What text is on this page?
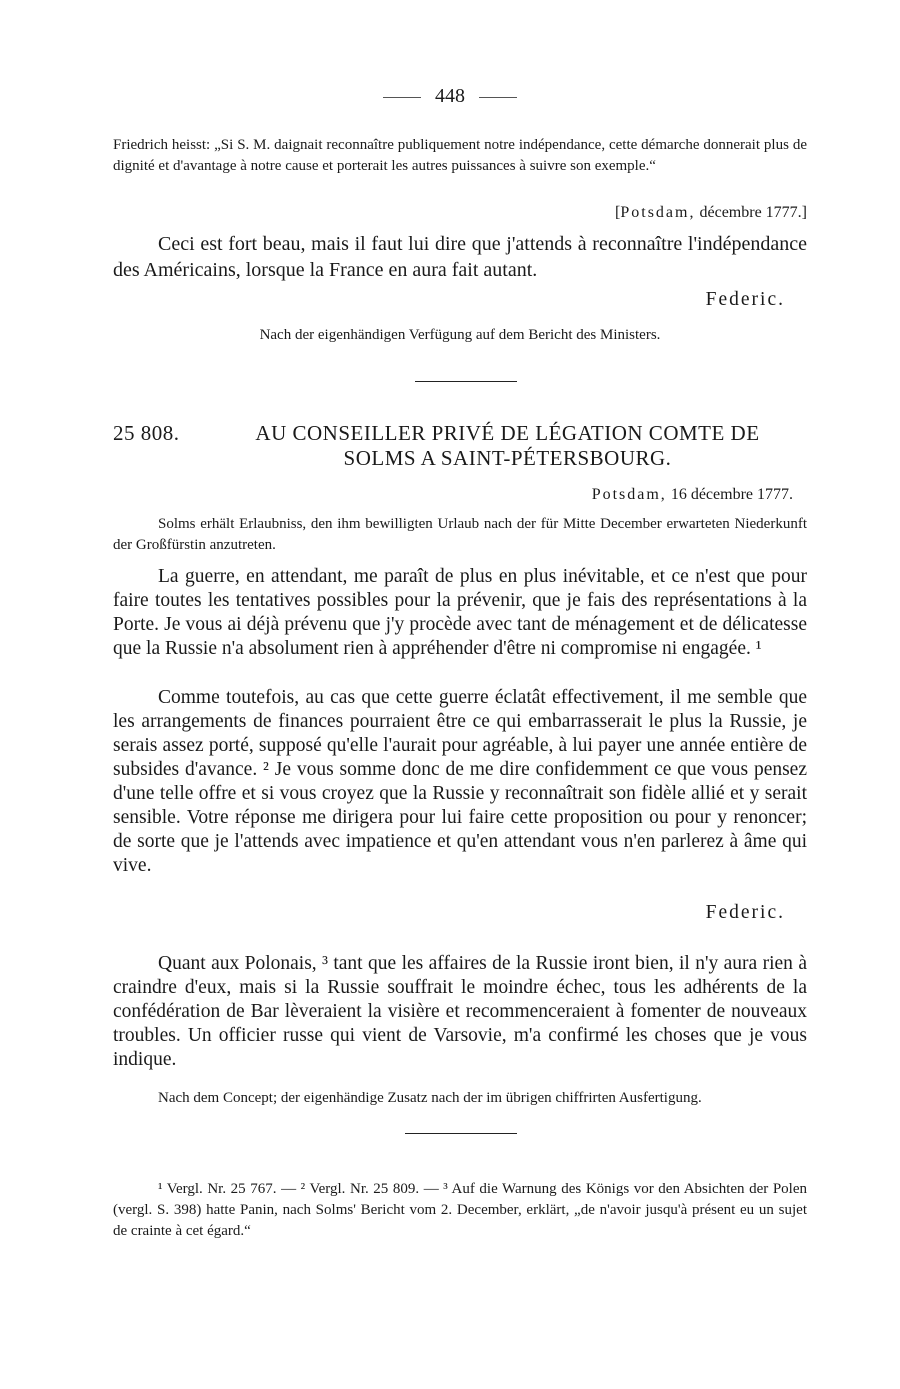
448
Friedrich heisst: „Si S. M. daignait reconnaître publiquement notre indépendance, cette démarche donnerait plus de dignité et d'avantage à notre cause et porterait les autres puissances à suivre son exemple.“
[Potsdam, décembre 1777.]
Ceci est fort beau, mais il faut lui dire que j'attends à reconnaître l'indépendance des Américains, lorsque la France en aura fait autant.
Federic.
Nach der eigenhändigen Verfügung auf dem Bericht des Ministers.
25 808.	AU CONSEILLER PRIVÉ DE LÉGATION COMTE DE
SOLMS A SAINT-PÉTERSBOURG.
Potsdam, 16 décembre 1777.
Solms erhält Erlaubniss, den ihm bewilligten Urlaub nach der für Mitte December erwarteten Niederkunft der Großfürstin anzutreten.
La guerre, en attendant, me paraît de plus en plus inévitable, et ce n'est que pour faire toutes les tentatives possibles pour la prévenir, que je fais des représentations à la Porte. Je vous ai déjà prévenu que j'y procède avec tant de ménagement et de délicatesse que la Russie n'a absolument rien à appréhender d'être ni compromise ni engagée. ¹
Comme toutefois, au cas que cette guerre éclatât effectivement, il me semble que les arrangements de finances pourraient être ce qui embarrasserait le plus la Russie, je serais assez porté, supposé qu'elle l'aurait pour agréable, à lui payer une année entière de subsides d'avance. ² Je vous somme donc de me dire confidemment ce que vous pensez d'une telle offre et si vous croyez que la Russie y reconnaîtrait son fidèle allié et y serait sensible. Votre réponse me dirigera pour lui faire cette proposition ou pour y renoncer; de sorte que je l'attends avec impatience et qu'en attendant vous n'en parlerez à âme qui vive.
Federic.
Quant aux Polonais, ³ tant que les affaires de la Russie iront bien, il n'y aura rien à craindre d'eux, mais si la Russie souffrait le moindre échec, tous les adhérents de la confédération de Bar lèveraient la visière et recommenceraient à fomenter de nouveaux troubles. Un officier russe qui vient de Varsovie, m'a confirmé les choses que je vous indique.
Nach dem Concept; der eigenhändige Zusatz nach der im übrigen chiffrirten Ausfertigung.
¹ Vergl. Nr. 25 767. — ² Vergl. Nr. 25 809. — ³ Auf die Warnung des Königs vor den Absichten der Polen (vergl. S. 398) hatte Panin, nach Solms' Bericht vom 2. December, erklärt, „de n'avoir jusqu'à présent eu un sujet de crainte à cet égard.“
